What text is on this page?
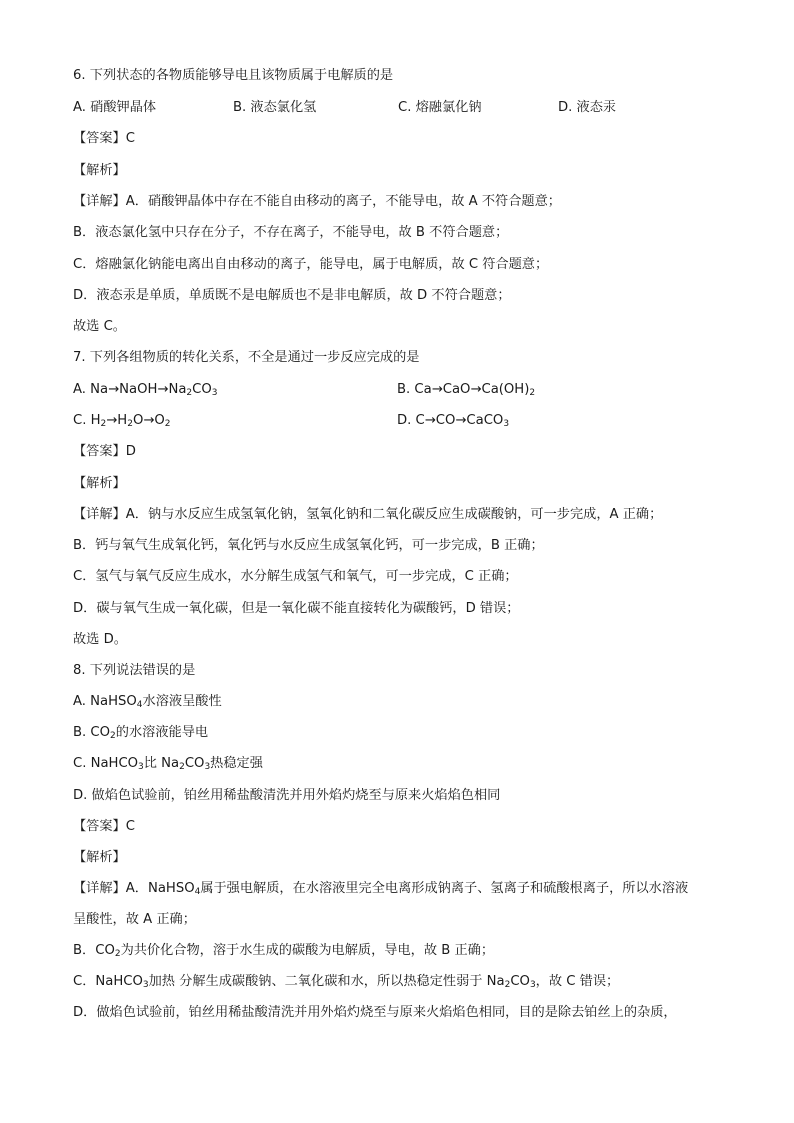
6. 下列状态的各物质能够导电且该物质属于电解质的是
A. 硝酸钾晶体	B. 液态氯化氢	C. 熔融氯化钠	D. 液态汞
【答案】C
【解析】
【详解】A．硝酸钾晶体中存在不能自由移动的离子，不能导电，故 A 不符合题意；
B．液态氯化氢中只存在分子，不存在离子，不能导电，故 B 不符合题意；
C．熔融氯化钠能电离出自由移动的离子，能导电，属于电解质，故 C 符合题意；
D．液态汞是单质，单质既不是电解质也不是非电解质，故 D 不符合题意；
故选 C。
7. 下列各组物质的转化关系，不全是通过一步反应完成的是
A. $Na\to NaOH\to Na_2CO_3$	B. $Ca\to CaO\to Ca(OH)_2$
C. $H_2\to H_2O\to O_2$	D. C→CO→CaCO$_3$
【答案】D
【解析】
【详解】A．钠与水反应生成氢氧化钠，氢氧化钠和二氧化碳反应生成碳酸钠，可一步完成，A 正确；
B．钙与氧气生成氧化钙，氧化钙与水反应生成氢氧化钙，可一步完成，B 正确；
C．氢气与氧气反应生成水，水分解生成氢气和氧气，可一步完成，C 正确；
D．碳与氧气生成一氧化碳，但是一氧化碳不能直接转化为碳酸钙，D 错误；
故选 D。
8. 下列说法错误的是
A. NaHSO$_4$水溶液呈酸性
B. $CO_2$的水溶液能导电
C. NaHCO$_3$比 $Na_2CO_3$热稳定强
D. 做焰色试验前，铂丝用稀盐酸清洗并用外焰灼烧至与原来火焰焰色相同
【答案】C
【解析】
【详解】A．NaHSO$_4$属于强电解质，在水溶液里完全电离形成钠离子、氢离子和硫酸根离子，所以水溶液
呈酸性，故 A 正确；
B．$CO_2$为共价化合物，溶于水生成的碳酸为电解质，导电，故 B 正确；
C．NaHCO$_3$加热 分解生成碳酸钠、二氧化碳和水，所以热稳定性弱于 $Na_2CO_3$，故 C 错误；
D．做焰色试验前，铂丝用稀盐酸清洗并用外焰灼烧至与原来火焰焰色相同，目的是除去铂丝上的杂质，
